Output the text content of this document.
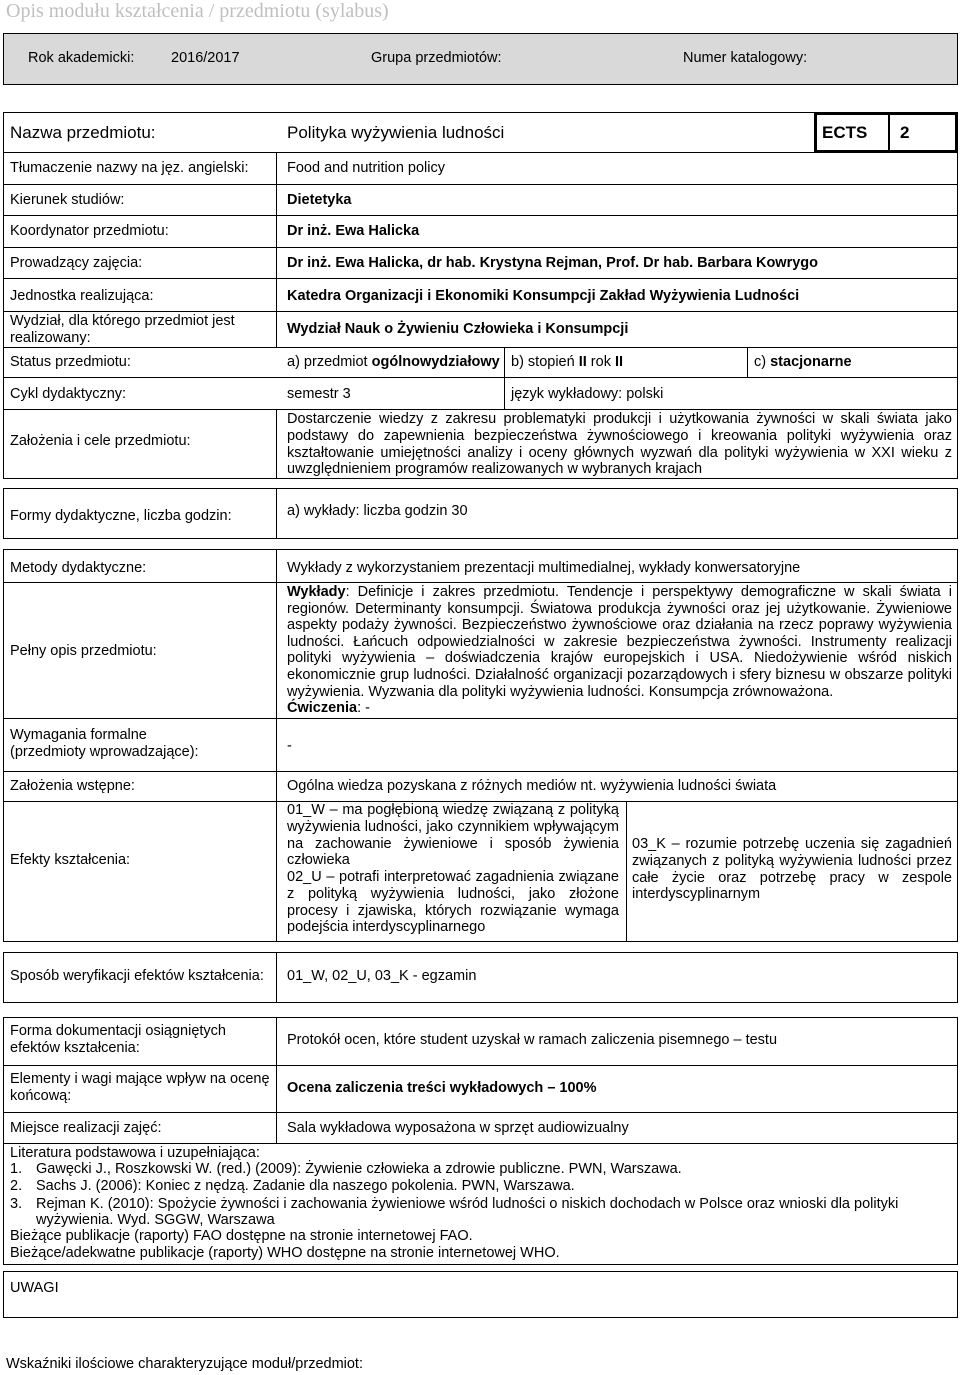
Opis modułu kształcenia / przedmiotu (sylabus)
Rok akademicki:	2016/2017	Grupa przedmiotów:	Numer katalogowy:
Nazwa przedmiotu:	Polityka wyżywienia ludności	ECTS 2
Tłumaczenie nazwy na jęz. angielski:	Food and nutrition policy
Kierunek studiów:	Dietetyka
Koordynator przedmiotu:	Dr inż. Ewa Halicka
Prowadzący zajęcia:	Dr inż. Ewa Halicka, dr hab. Krystyna Rejman, Prof. Dr hab. Barbara Kowrygo
Jednostka realizująca:	Katedra Organizacji i Ekonomiki Konsumpcji Zakład Wyżywienia Ludności
Wydział, dla którego przedmiot jest
realizowany:
Wydział Nauk o Żywieniu Człowieka i Konsumpcji
Status przedmiotu:	a) przedmiot ogólnowydziałowy b) stopień II rok II	c) stacjonarne
Cykl dydaktyczny:	semestr 3	język wykładowy: polski
Założenia i cele przedmiotu:
Dostarczenie wiedzy z zakresu problematyki produkcji i użytkowania żywności w skali świata jako podstawy do zapewnienia bezpieczeństwa żywnościowego i kreowania polityki wyżywienia oraz kształtowanie umiejętności analizy i oceny głównych wyzwań dla polityki wyżywienia w XXI wieku z uwzględnieniem programów realizowanych w wybranych krajach
Formy dydaktyczne, liczba godzin:	a) wykłady: liczba godzin 30
Metody dydaktyczne:	Wykłady z wykorzystaniem prezentacji multimedialnej, wykłady konwersatoryjne
Pełny opis przedmiotu:
Wykłady: Definicje i zakres przedmiotu. Tendencje i perspektywy demograficzne w skali świata i regionów. Determinanty konsumpcji. Światowa produkcja żywności oraz jej użytkowanie. Żywieniowe aspekty podaży żywności. Bezpieczeństwo żywnościowe oraz działania na rzecz poprawy wyżywienia ludności. Łańcuch odpowiedzialności w zakresie bezpieczeństwa żywności. Instrumenty realizacji polityki wyżywienia – doświadczenia krajów europejskich i USA. Niedożywienie wśród niskich ekonomicznie grup ludności. Działalność organizacji pozarządowych i sfery biznesu w obszarze polityki wyżywienia. Wyzwania dla polityki wyżywienia ludności. Konsumpcja zrównoważona.
Ćwiczenia: -
Wymagania formalne
(przedmioty wprowadzające):	-
Założenia wstępne:	Ogólna wiedza pozyskana z różnych mediów nt. wyżywienia ludności świata
Efekty kształcenia:
01_W – ma pogłębioną wiedzę związaną z polityką wyżywienia ludności, jako czynnikiem wpływającym na zachowanie żywieniowe i sposób żywienia człowieka
02_U – potrafi interpretować zagadnienia związane z polityką wyżywienia ludności, jako złożone procesy i zjawiska, których rozwiązanie wymaga podejścia interdyscyplinarnego
03_K – rozumie potrzebę uczenia się zagadnień związanych z polityką wyżywienia ludności przez całe życie oraz potrzebę pracy w zespole interdyscyplinarnym
Sposób weryfikacji efektów kształcenia: 01_W, 02_U, 03_K - egzamin
Forma dokumentacji osiągniętych
efektów kształcenia:	Protokół ocen, które student uzyskał w ramach zaliczenia pisemnego – testu
Elementy i wagi mające wpływ na ocenę
końcową:	Ocena zaliczenia treści wykładowych – 100%
Miejsce realizacji zajęć:	Sala wykładowa wyposażona w sprzęt audiowizualny
Literatura podstawowa i uzupełniająca:
1. Gawęcki J., Roszkowski W. (red.) (2009): Żywienie człowieka a zdrowie publiczne. PWN, Warszawa.
2. Sachs J. (2006): Koniec z nędzą. Zadanie dla naszego pokolenia. PWN, Warszawa.
3. Rejman K. (2010): Spożycie żywności i zachowania żywieniowe wśród ludności o niskich dochodach w Polsce oraz wnioski dla polityki
wyżywienia. Wyd. SGGW, Warszawa
Bieżące publikacje (raporty) FAO dostępne na stronie internetowej FAO.
Bieżące/adekwatne publikacje (raporty) WHO dostępne na stronie internetowej WHO.
UWAGI
Wskaźniki ilościowe charakteryzujące moduł/przedmiot:
